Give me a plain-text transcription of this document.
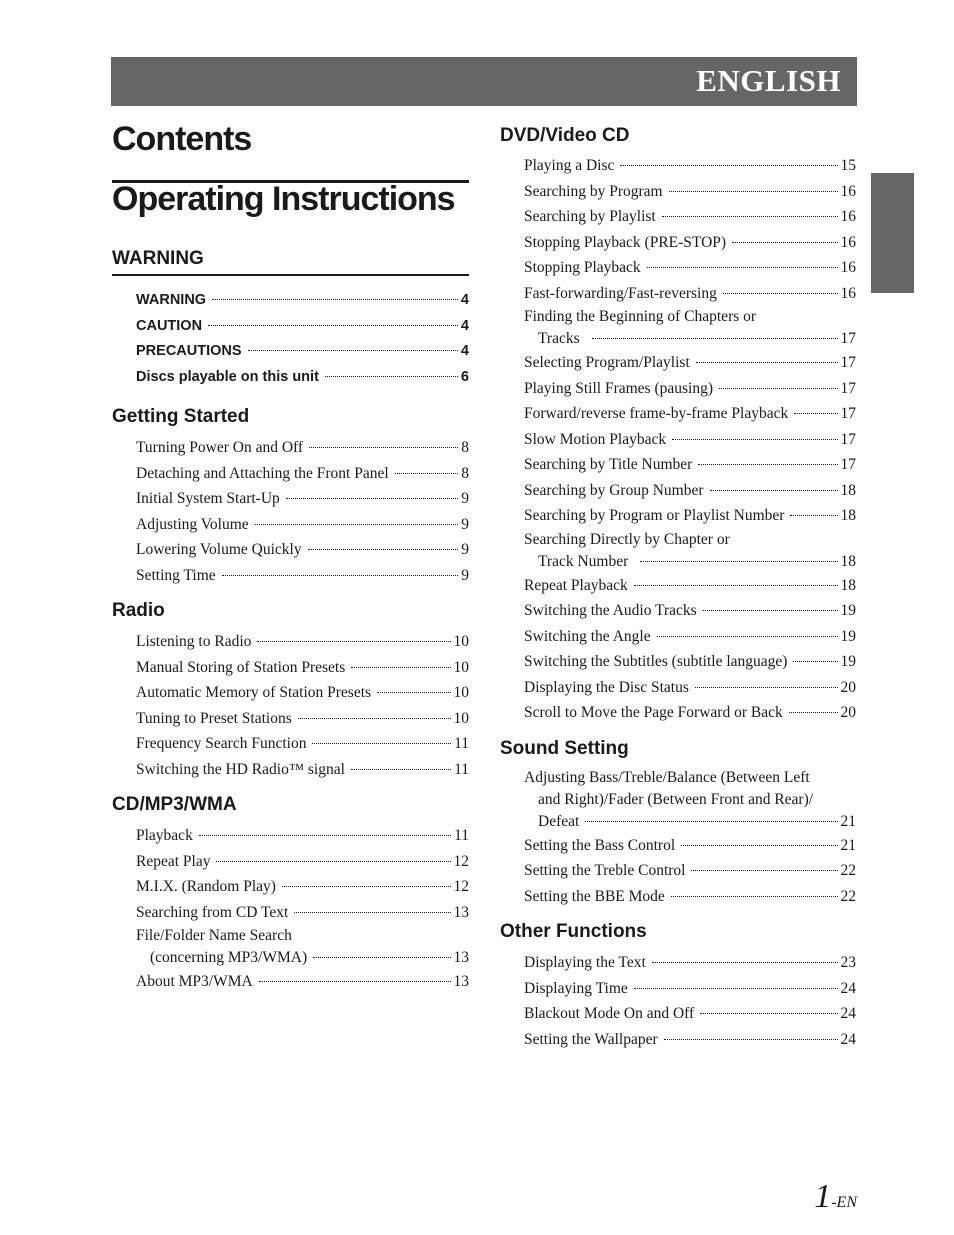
ENGLISH
Contents
Operating Instructions
WARNING
WARNING	4
CAUTION	4
PRECAUTIONS	4
Discs playable on this unit	6
Getting Started
Turning Power On and Off	8
Detaching and Attaching the Front Panel	8
Initial System Start-Up	9
Adjusting Volume	9
Lowering Volume Quickly	9
Setting Time	9
Radio
Listening to Radio	10
Manual Storing of Station Presets	10
Automatic Memory of Station Presets	10
Tuning to Preset Stations	10
Frequency Search Function	11
Switching the HD Radio™ signal	11
CD/MP3/WMA
Playback	11
Repeat Play	12
M.I.X. (Random Play)	12
Searching from CD Text	13
File/Folder Name Search
(concerning MP3/WMA)	13
About MP3/WMA	13
DVD/Video CD
Playing a Disc	15
Searching by Program	16
Searching by Playlist	16
Stopping Playback (PRE-STOP)	16
Stopping Playback	16
Fast-forwarding/Fast-reversing	16
Finding the Beginning of Chapters or
Tracks	17
Selecting Program/Playlist	17
Playing Still Frames (pausing)	17
Forward/reverse frame-by-frame Playback	17
Slow Motion Playback	17
Searching by Title Number	17
Searching by Group Number	18
Searching by Program or Playlist Number	18
Searching Directly by Chapter or
Track Number	18
Repeat Playback	18
Switching the Audio Tracks	19
Switching the Angle	19
Switching the Subtitles (subtitle language)	19
Displaying the Disc Status	20
Scroll to Move the Page Forward or Back	20
Sound Setting
Adjusting Bass/Treble/Balance (Between Left
and Right)/Fader (Between Front and Rear)/
Defeat	21
Setting the Bass Control	21
Setting the Treble Control	22
Setting the BBE Mode	22
Other Functions
Displaying the Text	23
Displaying Time	24
Blackout Mode On and Off	24
Setting the Wallpaper	24
1-EN
